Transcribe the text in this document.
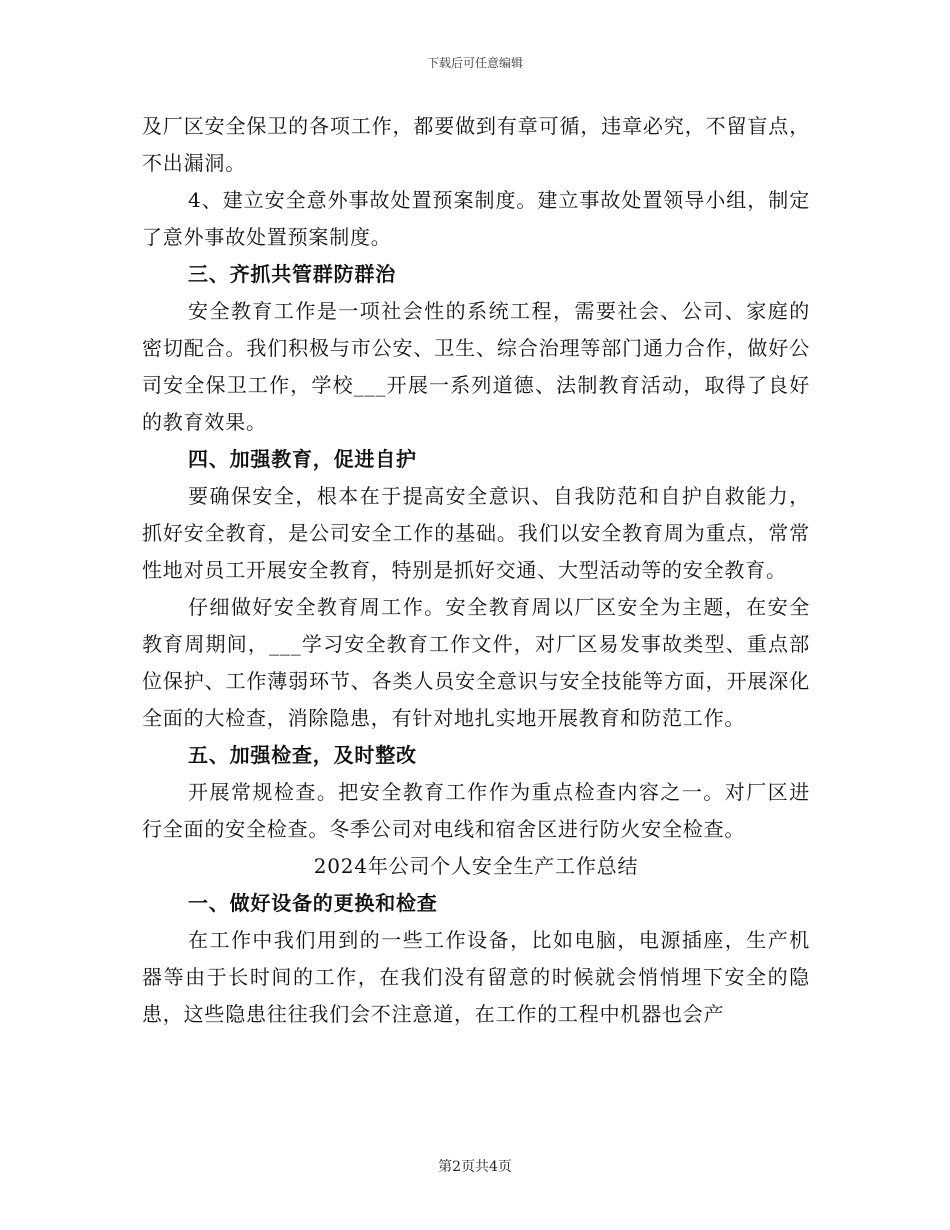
下载后可任意编辑

及厂区安全保卫的各项工作，都要做到有章可循，违章必究，不留盲点，不出漏洞。

4、建立安全意外事故处置预案制度。建立事故处置领导小组，制定了意外事故处置预案制度。

三、齐抓共管群防群治

安全教育工作是一项社会性的系统工程，需要社会、公司、家庭的密切配合。我们积极与市公安、卫生、综合治理等部门通力合作，做好公司安全保卫工作，学校___开展一系列道德、法制教育活动，取得了良好的教育效果。

四、加强教育，促进自护

要确保安全，根本在于提高安全意识、自我防范和自护自救能力，抓好安全教育，是公司安全工作的基础。我们以安全教育周为重点，常常性地对员工开展安全教育，特别是抓好交通、大型活动等的安全教育。

仔细做好安全教育周工作。安全教育周以厂区安全为主题，在安全教育周期间，___学习安全教育工作文件，对厂区易发事故类型、重点部位保护、工作薄弱环节、各类人员安全意识与安全技能等方面，开展深化全面的大检查，消除隐患，有针对地扎实地开展教育和防范工作。

五、加强检查，及时整改

开展常规检查。把安全教育工作作为重点检查内容之一。对厂区进行全面的安全检查。冬季公司对电线和宿舍区进行防火安全检查。

2024年公司个人安全生产工作总结

一、做好设备的更换和检查

在工作中我们用到的一些工作设备，比如电脑，电源插座，生产机器等由于长时间的工作，在我们没有留意的时候就会悄悄埋下安全的隐患，这些隐患往往我们会不注意道，在工作的工程中机器也会产

第2页共4页
